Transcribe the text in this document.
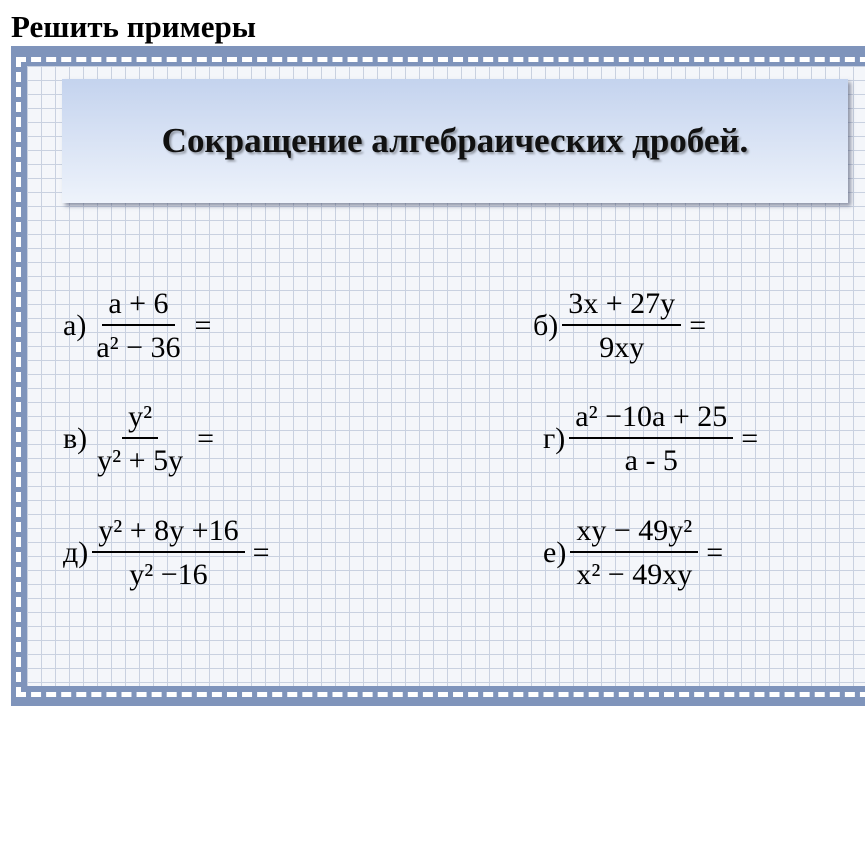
Решить примеры
Сокращение алгебраических дробей.
$а) \frac{a + 6}{\text{a² − 36}}$ =	$б) \frac{3x + 27y}{9xy}$ =
$в) \frac{\text{y²}}{\text{y² + 5y}}$ =	$г) \frac{\text{a² −10a + 25}}{a - 5}$ =
$д) \frac{\text{y² + 8y +16}}{\text{y² −16}}$ =	$е) \frac{\text{xy − 49y²}}{\text{x² − 49xy}}$ =
